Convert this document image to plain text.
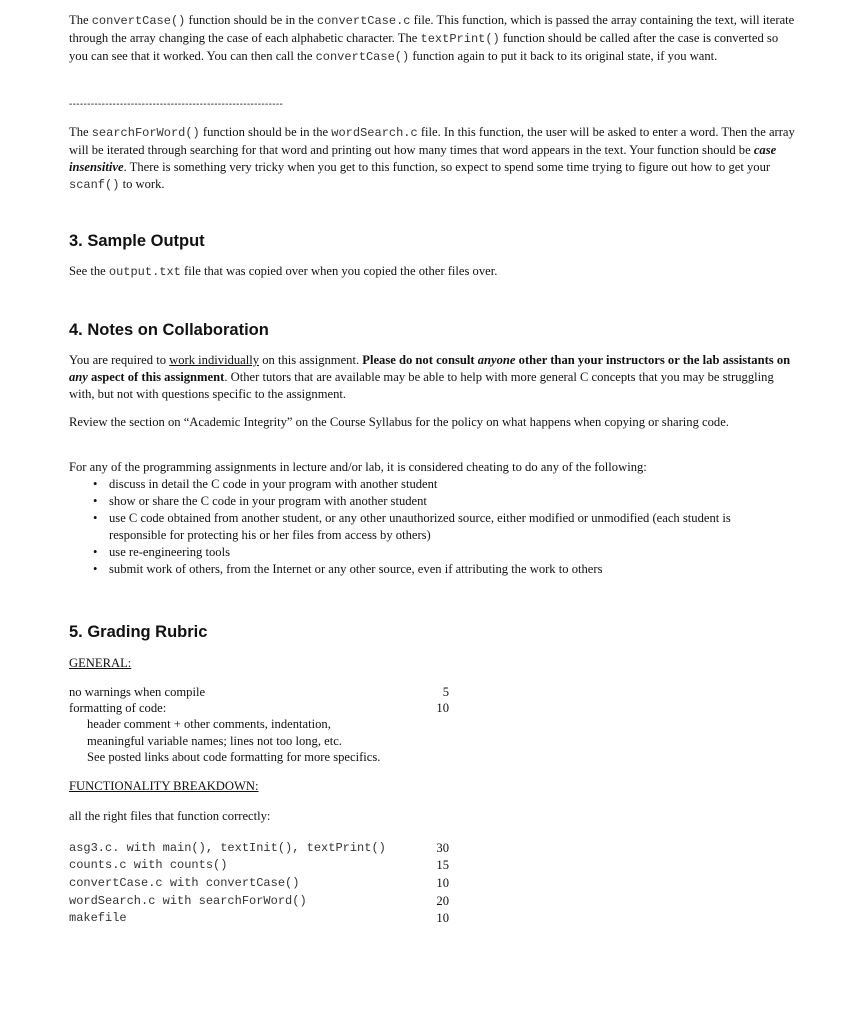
The convertCase() function should be in the convertCase.c file. This function, which is passed the array containing the text, will iterate through the array changing the case of each alphabetic character. The textPrint() function should be called after the case is converted so you can see that it worked. You can then call the convertCase() function again to put it back to its original state, if you want.

-----------------------------------------------------------

The searchForWord() function should be in the wordSearch.c file. In this function, the user will be asked to enter a word. Then the array will be iterated through searching for that word and printing out how many times that word appears in the text. Your function should be case insensitive. There is something very tricky when you get to this function, so expect to spend some time trying to figure out how to get your scanf() to work.

3. Sample Output

See the output.txt file that was copied over when you copied the other files over.

4. Notes on Collaboration

You are required to work individually on this assignment. Please do not consult anyone other than your instructors or the lab assistants on any aspect of this assignment. Other tutors that are available may be able to help with more general C concepts that you may be struggling with, but not with questions specific to the assignment.

Review the section on “Academic Integrity” on the Course Syllabus for the policy on what happens when copying or sharing code.

For any of the programming assignments in lecture and/or lab, it is considered cheating to do any of the following:

• discuss in detail the C code in your program with another student
• show or share the C code in your program with another student
• use C code obtained from another student, or any other unauthorized source, either modified or unmodified (each student is responsible for protecting his or her files from access by others)
• use re-engineering tools
• submit work of others, from the Internet or any other source, even if attributing the work to others
5. Grading Rubric
GENERAL:
no warnings when compile	5
formatting of code:	10
header comment + other comments, indentation,
meaningful variable names; lines not too long, etc.
See posted links about code formatting for more specifics.
FUNCTIONALITY BREAKDOWN:
all the right files that function correctly:
asg3.c. with main(), textInit(), textPrint()	30
counts.c with counts()	15
convertCase.c with convertCase()	10
wordSearch.c with searchForWord()	20
makefile	10
